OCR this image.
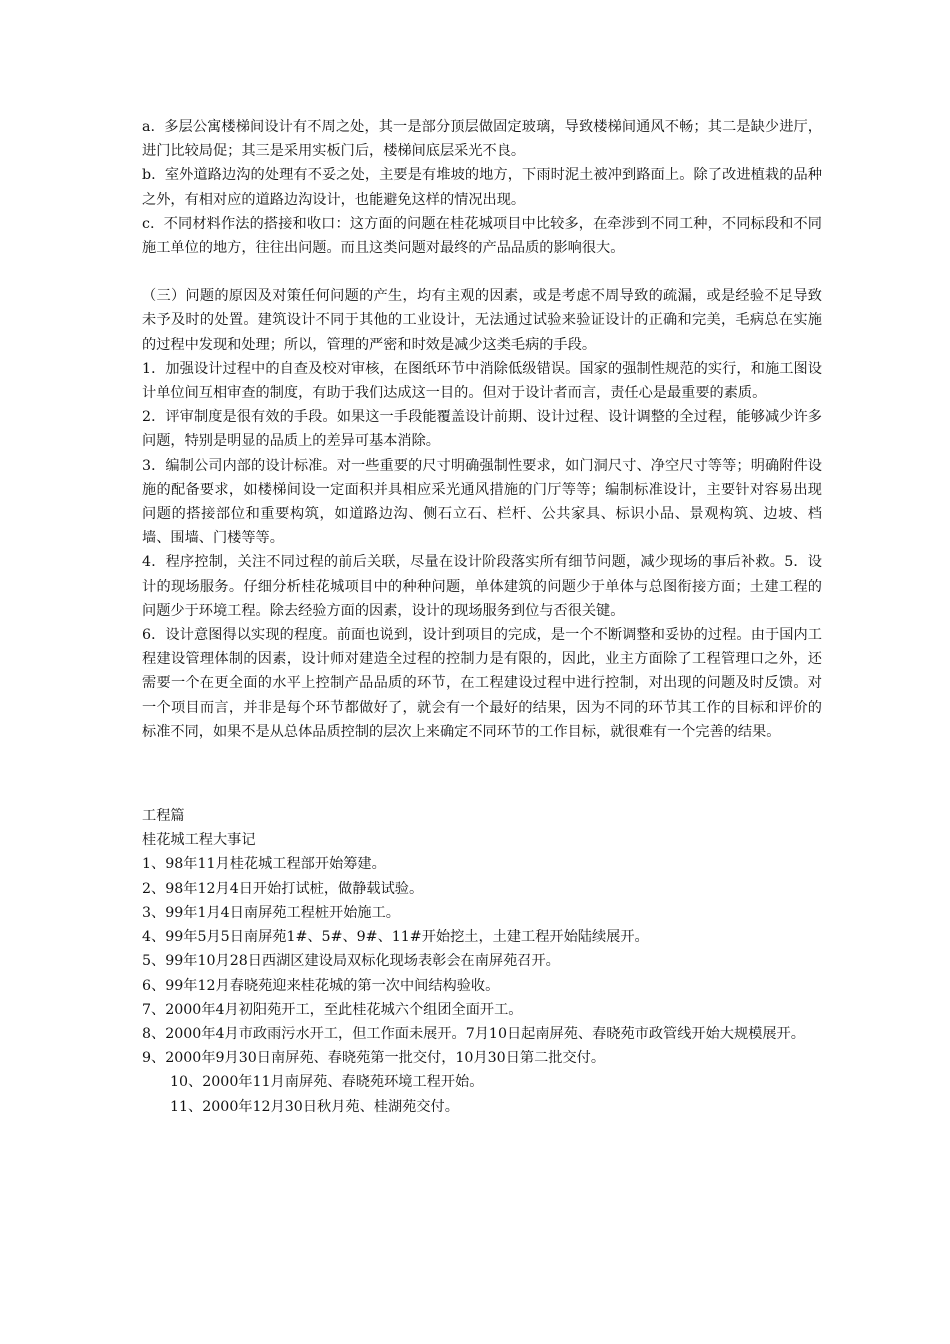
a.  多层公寓楼梯间设计有不周之处，其一是部分顶层做固定玻璃，导致楼梯间通风不畅；其二是缺少进厅，进门比较局促；其三是采用实板门后，楼梯间底层采光不良。

b.  室外道路边沟的处理有不妥之处，主要是有堆坡的地方，下雨时泥土被冲到路面上。除了改进植栽的品种之外，有相对应的道路边沟设计，也能避免这样的情况出现。

c.  不同材料作法的搭接和收口：这方面的问题在桂花城项目中比较多，在牵涉到不同工种，不同标段和不同施工单位的地方，往往出问题。而且这类问题对最终的产品品质的影响很大。

（三）问题的原因及对策任何问题的产生，均有主观的因素，或是考虑不周导致的疏漏，或是经验不足导致未予及时的处置。建筑设计不同于其他的工业设计，无法通过试验来验证设计的正确和完美，毛病总在实施的过程中发现和处理；所以，管理的严密和时效是减少这类毛病的手段。

1．加强设计过程中的自查及校对审核，在图纸环节中消除低级错误。国家的强制性规范的实行，和施工图设计单位间互相审查的制度，有助于我们达成这一目的。但对于设计者而言，责任心是最重要的素质。

2．评审制度是很有效的手段。如果这一手段能覆盖设计前期、设计过程、设计调整的全过程，能够减少许多问题，特别是明显的品质上的差异可基本消除。

3．编制公司内部的设计标准。对一些重要的尺寸明确强制性要求，如门洞尺寸、净空尺寸等等；明确附件设施的配备要求，如楼梯间设一定面积并具相应采光通风措施的门厅等等；编制标准设计，主要针对容易出现问题的搭接部位和重要构筑，如道路边沟、侧石立石、栏杆、公共家具、标识小品、景观构筑、边坡、档墙、围墙、门楼等等。

4．程序控制，关注不同过程的前后关联，尽量在设计阶段落实所有细节问题，减少现场的事后补救。5．设计的现场服务。仔细分析桂花城项目中的种种问题，单体建筑的问题少于单体与总图衔接方面；土建工程的问题少于环境工程。除去经验方面的因素，设计的现场服务到位与否很关键。

6．设计意图得以实现的程度。前面也说到，设计到项目的完成，是一个不断调整和妥协的过程。由于国内工程建设管理体制的因素，设计师对建造全过程的控制力是有限的，因此，业主方面除了工程管理口之外，还需要一个在更全面的水平上控制产品品质的环节，在工程建设过程中进行控制，对出现的问题及时反馈。对一个项目而言，并非是每个环节都做好了，就会有一个最好的结果，因为不同的环节其工作的目标和评价的标准不同，如果不是从总体品质控制的层次上来确定不同环节的工作目标，就很难有一个完善的结果。

工程篇

桂花城工程大事记

1、98年11月桂花城工程部开始筹建。

2、98年12月4日开始打试桩，做静载试验。

3、99年1月4日南屏苑工程桩开始施工。

4、99年5月5日南屏苑1#、5#、9#、11#开始挖土，土建工程开始陆续展开。

5、99年10月28日西湖区建设局双标化现场表彰会在南屏苑召开。

6、99年12月春晓苑迎来桂花城的第一次中间结构验收。

7、2000年4月初阳苑开工，至此桂花城六个组团全面开工。

8、2000年4月市政雨污水开工，但工作面未展开。7月10日起南屏苑、春晓苑市政管线开始大规模展开。

9、2000年9月30日南屏苑、春晓苑第一批交付，10月30日第二批交付。

10、2000年11月南屏苑、春晓苑环境工程开始。

11、2000年12月30日秋月苑、桂湖苑交付。
